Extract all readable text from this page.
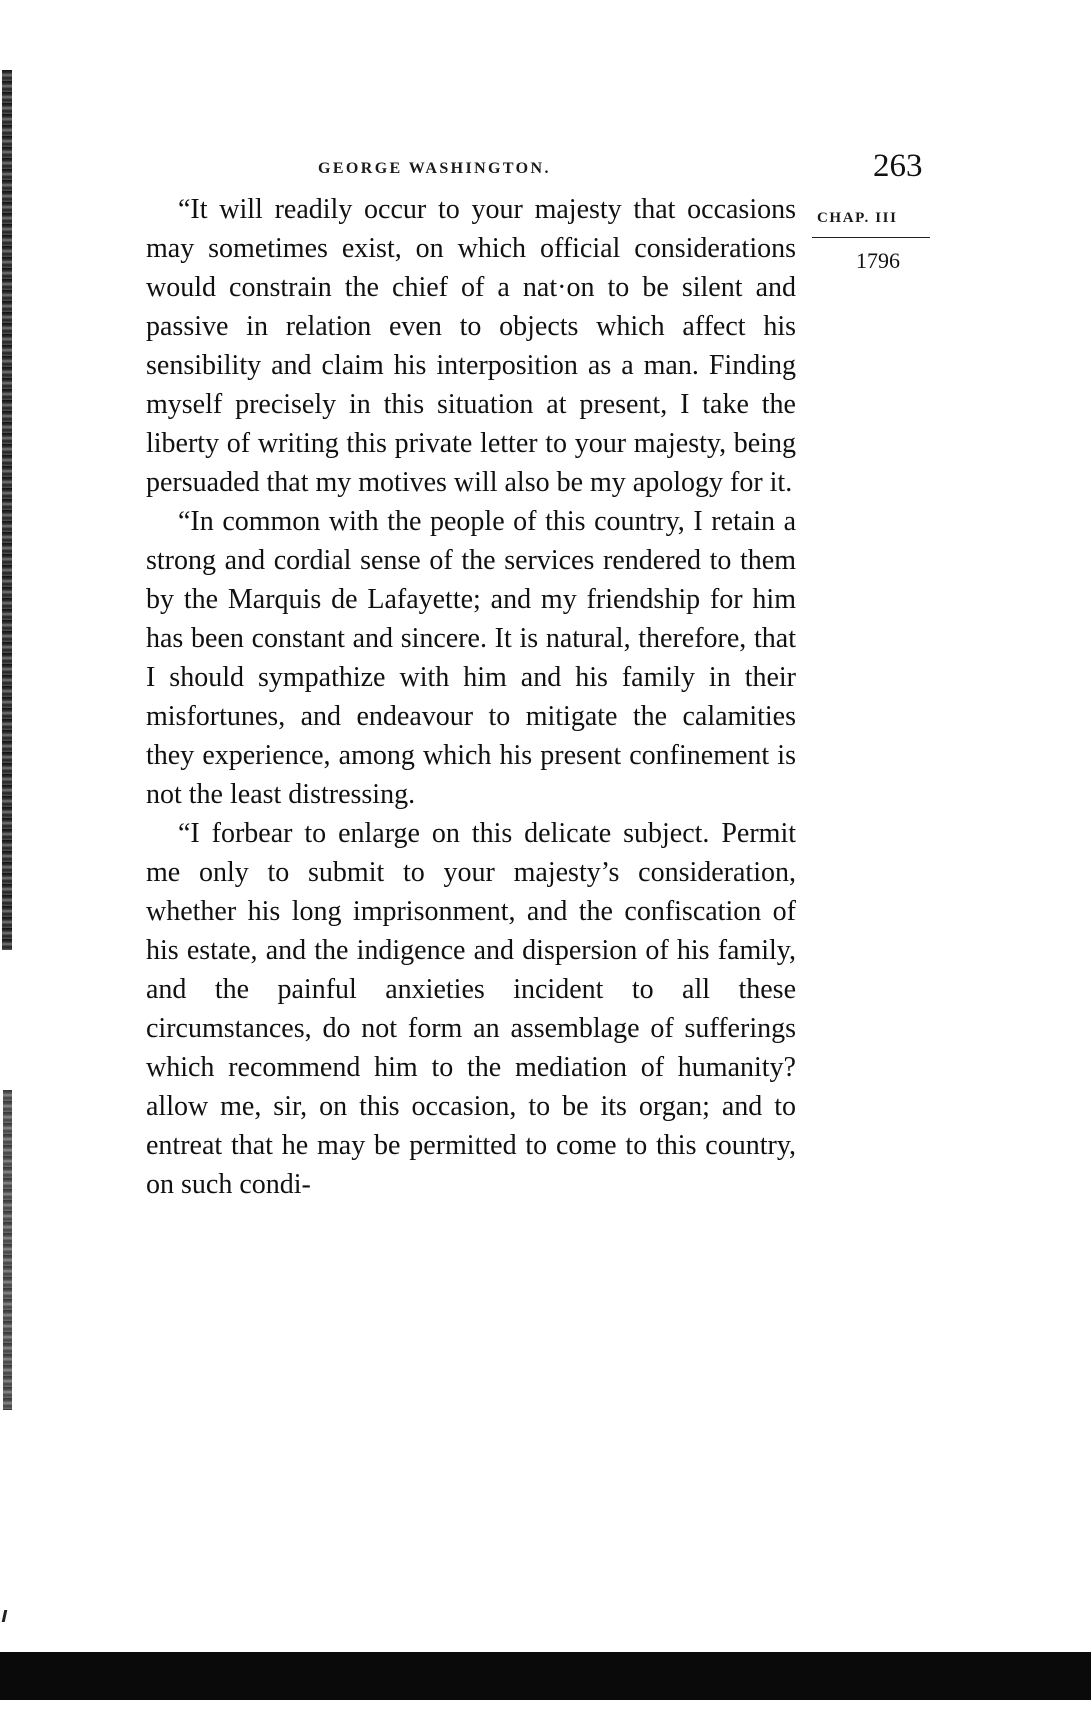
GEORGE WASHINGTON.	263
CHAP. III
1796

“It will readily occur to your majesty that occasions may sometimes exist, on which official considerations would constrain the chief of a nat·on to be silent and passive in relation even to objects which affect his sensibility and claim his interposition as a man. Finding myself precisely in this situation at present, I take the liberty of writing this private letter to your majesty, being persuaded that my motives will also be my apology for it.

“In common with the people of this country, I retain a strong and cordial sense of the services rendered to them by the Marquis de Lafayette; and my friendship for him has been constant and sincere. It is natural, therefore, that I should sympathize with him and his family in their misfortunes, and endeavour to mitigate the calamities they experience, among which his present confinement is not the least distressing.

“I forbear to enlarge on this delicate subject. Permit me only to submit to your majesty’s consideration, whether his long imprisonment, and the confiscation of his estate, and the indigence and dispersion of his family, and the painful anxieties incident to all these circumstances, do not form an assemblage of sufferings which recommend him to the mediation of humanity? allow me, sir, on this occasion, to be its organ; and to entreat that he may be permitted to come to this country, on such condi-
